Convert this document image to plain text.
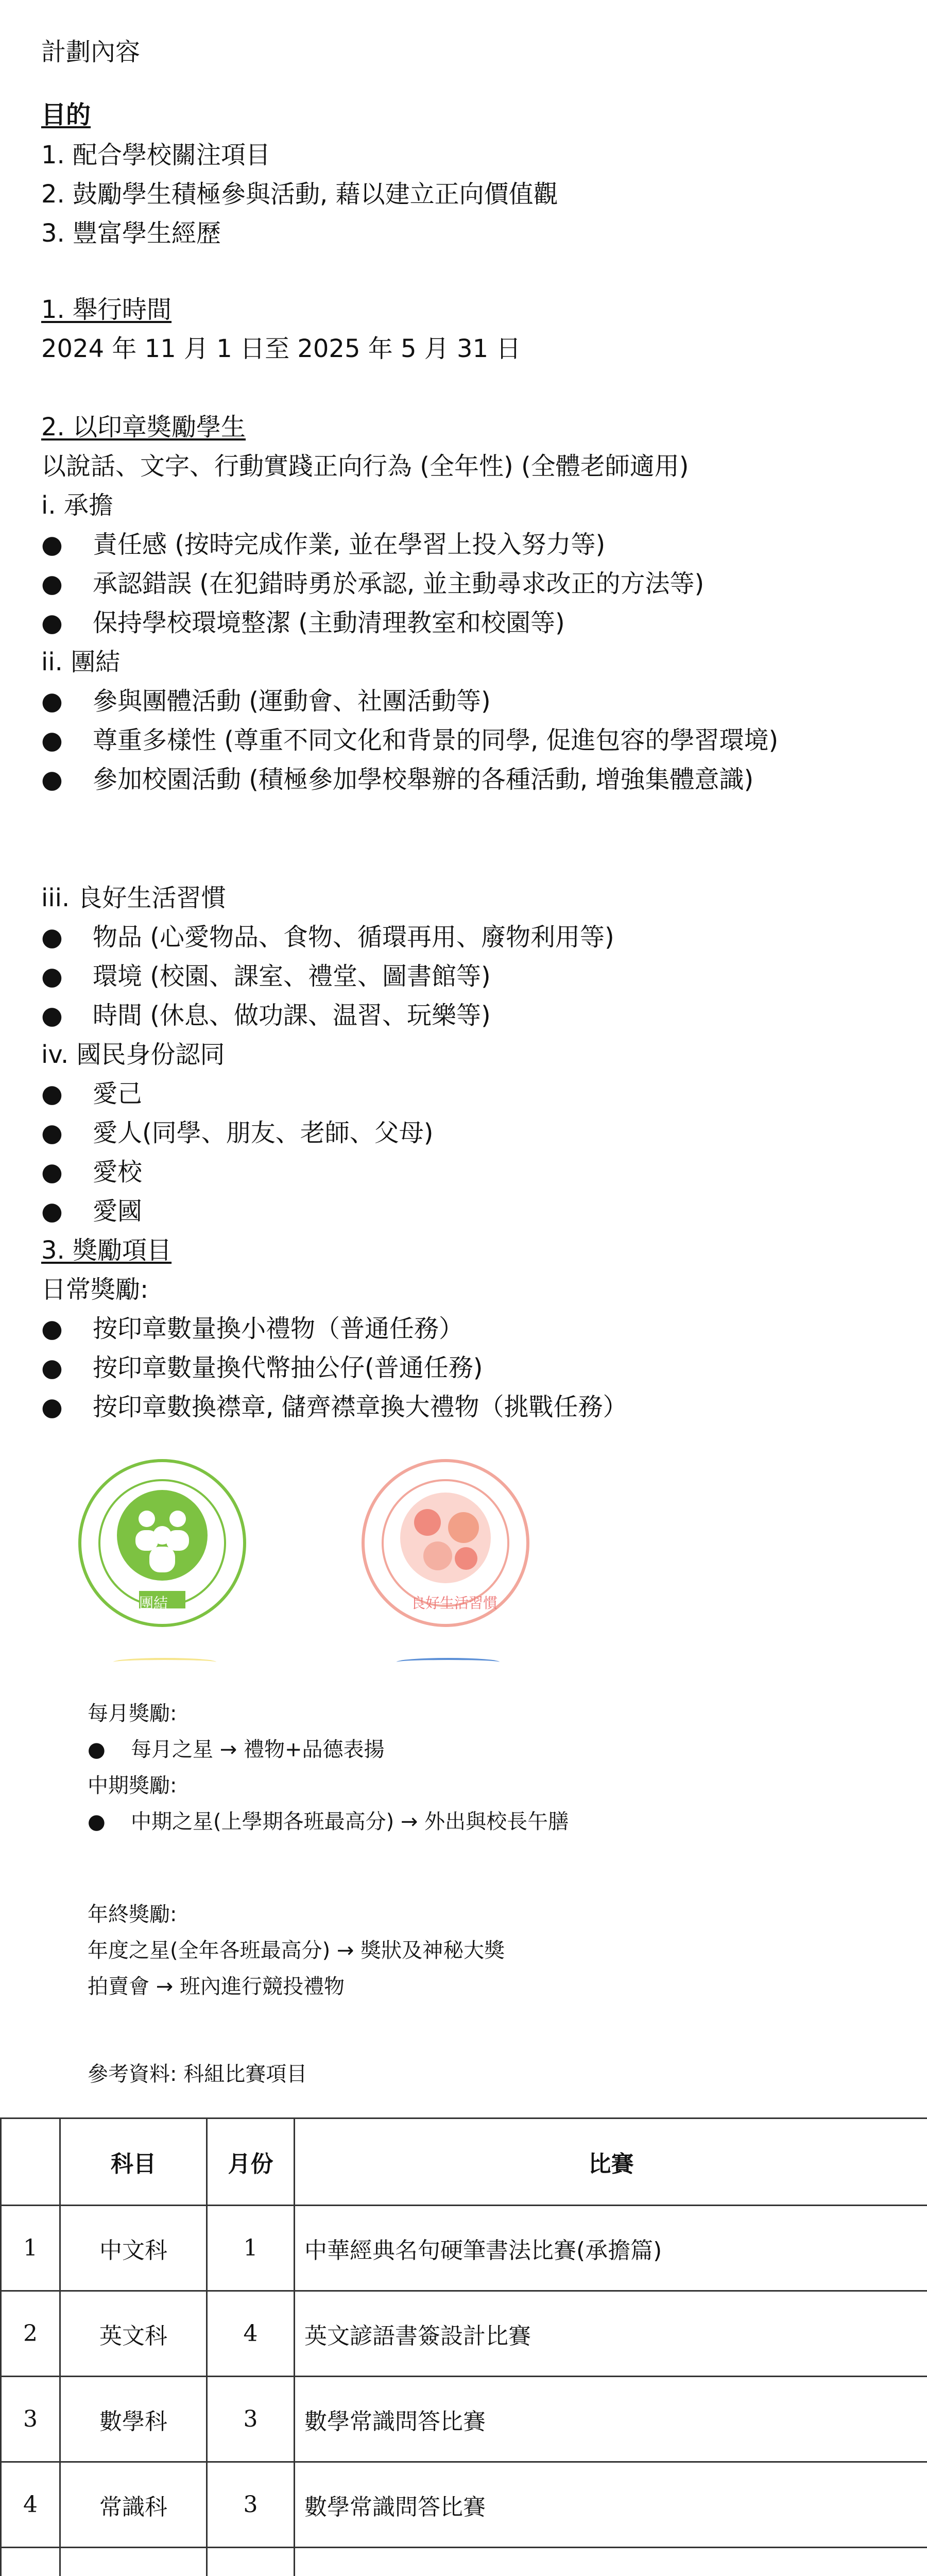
計劃內容
目的
1. 配合學校關注項目
2. 鼓勵學生積極參與活動, 藉以建立正向價值觀
3. 豐富學生經歷
1. 舉行時間
2024 年 11 月 1 日至 2025 年 5 月 31 日
2. 以印章獎勵學生
以說話、文字、行動實踐正向行為 (全年性) (全體老師適用)
i. 承擔
● 責任感 (按時完成作業, 並在學習上投入努力等)
● 承認錯誤 (在犯錯時勇於承認, 並主動尋求改正的方法等)
● 保持學校環境整潔 (主動清理教室和校園等)
ii. 團結
● 參與團體活動 (運動會、社團活動等)
● 尊重多樣性 (尊重不同文化和背景的同學, 促進包容的學習環境)
● 參加校園活動 (積極參加學校舉辦的各種活動, 增強集體意識)
iii. 良好生活習慣
● 物品 (心愛物品、食物、循環再用、廢物利用等)
● 環境 (校園、課室、禮堂、圖書館等)
● 時間 (休息、做功課、温習、玩樂等)
iv. 國民身份認同
● 愛己
● 愛人(同學、朋友、老師、父母)
● 愛校
● 愛國
3. 獎勵項目
日常獎勵:
● 按印章數量換小禮物（普通任務）
● 按印章數量換代幣抽公仔(普通任務)
● 按印章數換襟章, 儲齊襟章換大禮物（挑戰任務）
團結	良好生活習慣
每月獎勵:
● 每月之星 → 禮物+品德表揚
中期獎勵:
● 中期之星(上學期各班最高分) → 外出與校長午膳
年終獎勵:
年度之星(全年各班最高分) → 獎狀及神秘大獎
拍賣會 → 班內進行競投禮物
參考資料: 科組比賽項目
	科目	月份	比賽
1	中文科	1	中華經典名句硬筆書法比賽(承擔篇)
2	英文科	4	英文諺語書簽設計比賽
3	數學科	3	數學常識問答比賽
4	常識科	3	數學常識問答比賽
